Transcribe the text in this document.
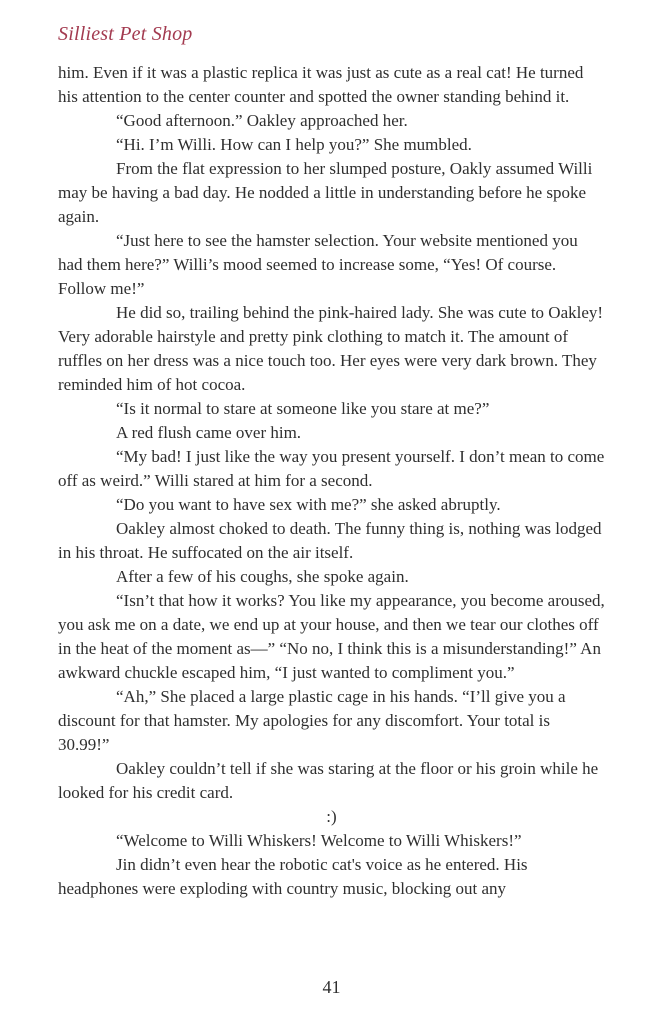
Silliest Pet Shop

him. Even if it was a plastic replica it was just as cute as a real cat! He turned his attention to the center counter and spotted the owner standing behind it.

“Good afternoon.” Oakley approached her.

“Hi. I’m Willi. How can I help you?” She mumbled.

From the flat expression to her slumped posture, Oakly assumed Willi may be having a bad day. He nodded a little in understanding before he spoke again.

“Just here to see the hamster selection. Your website mentioned you had them here?” Willi’s mood seemed to increase some, “Yes! Of course. Follow me!”

He did so, trailing behind the pink-haired lady. She was cute to Oakley! Very adorable hairstyle and pretty pink clothing to match it. The amount of ruffles on her dress was a nice touch too. Her eyes were very dark brown. They reminded him of hot cocoa.

“Is it normal to stare at someone like you stare at me?”

A red flush came over him.

“My bad! I just like the way you present yourself. I don’t mean to come off as weird.” Willi stared at him for a second.

“Do you want to have sex with me?” she asked abruptly.

Oakley almost choked to death. The funny thing is, nothing was lodged in his throat. He suffocated on the air itself.

After a few of his coughs, she spoke again.

“Isn’t that how it works? You like my appearance, you become aroused, you ask me on a date, we end up at your house, and then we tear our clothes off in the heat of the moment as—” “No no, I think this is a misunderstanding!” An awkward chuckle escaped him, “I just wanted to compliment you.”

“Ah,” She placed a large plastic cage in his hands. “I’ll give you a discount for that hamster. My apologies for any discomfort. Your total is 30.99!”

Oakley couldn’t tell if she was staring at the floor or his groin while he looked for his credit card.

:)

“Welcome to Willi Whiskers! Welcome to Willi Whiskers!”

Jin didn’t even hear the robotic cat's voice as he entered. His headphones were exploding with country music, blocking out any

41
